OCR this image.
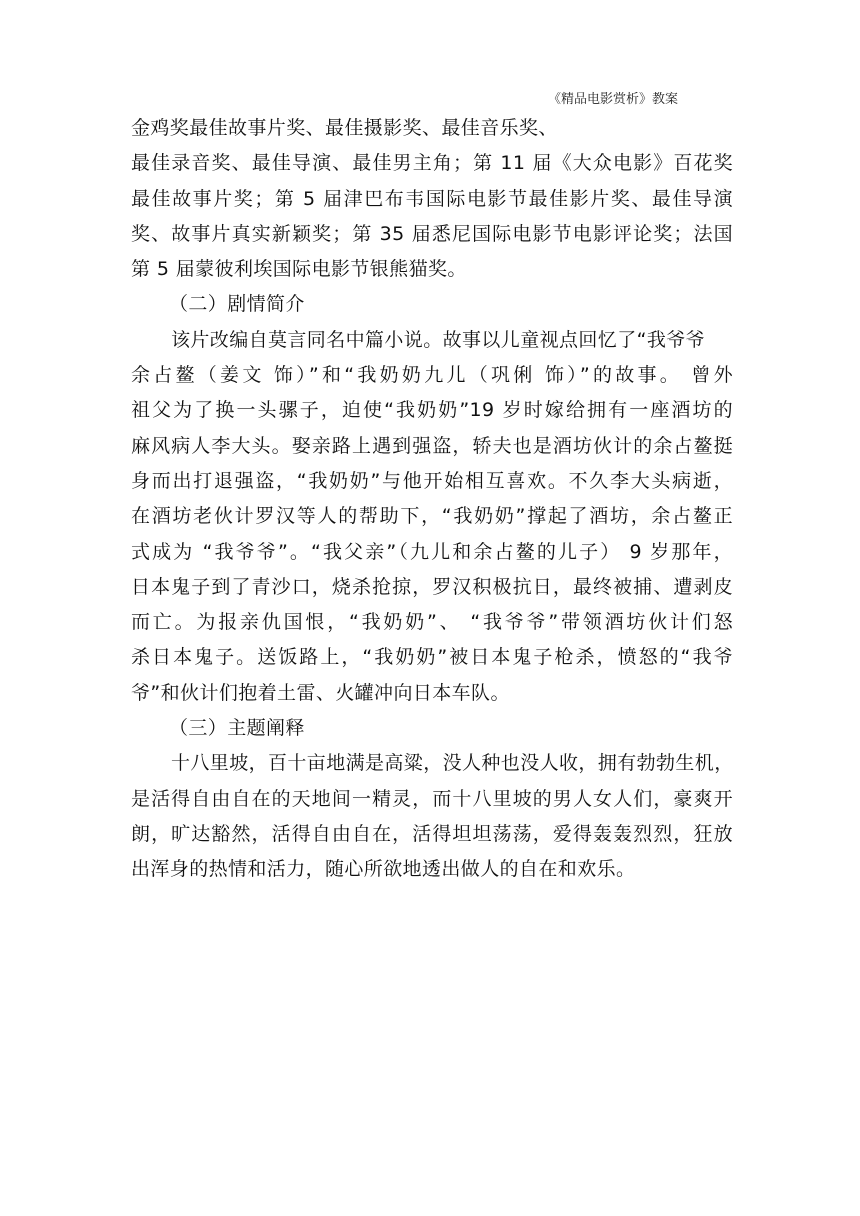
《精品电影赏析》教案
金鸡奖最佳故事片奖、最佳摄影奖、最佳音乐奖、
最佳录音奖、最佳导演、最佳男主角；第 11 届《大众电影》百花奖
最佳故事片奖；第 5 届津巴布韦国际电影节最佳影片奖、最佳导演
奖、故事片真实新颖奖；第 35 届悉尼国际电影节电影评论奖；法国
第 5 届蒙彼利埃国际电影节银熊猫奖。
（二）剧情简介
该片改编自莫言同名中篇小说。故事以儿童视点回忆了“我爷爷
余占鳌（姜文 饰）”和“我奶奶九儿（巩俐 饰）”的故事。 曾外
祖父为了换一头骡子，迫使“我奶奶”19 岁时嫁给拥有一座酒坊的
麻风病人李大头。娶亲路上遇到强盗，轿夫也是酒坊伙计的余占鳌挺
身而出打退强盗，“我奶奶”与他开始相互喜欢。不久李大头病逝，
在酒坊老伙计罗汉等人的帮助下，“我奶奶”撑起了酒坊，余占鳌正
式成为 “我爷爷”。“我父亲”（九儿和余占鳌的儿子） 9 岁那年，
日本鬼子到了青沙口，烧杀抢掠，罗汉积极抗日，最终被捕、遭剥皮
而亡。为报亲仇国恨，“我奶奶”、 “我爷爷”带领酒坊伙计们怒
杀日本鬼子。送饭路上，“我奶奶”被日本鬼子枪杀，愤怒的“我爷
爷”和伙计们抱着土雷、火罐冲向日本车队。
（三）主题阐释
十八里坡，百十亩地满是高粱，没人种也没人收，拥有勃勃生机，
是活得自由自在的天地间一精灵，而十八里坡的男人女人们，豪爽开
朗，旷达豁然，活得自由自在，活得坦坦荡荡，爱得轰轰烈烈，狂放
出浑身的热情和活力，随心所欲地透出做人的自在和欢乐。
